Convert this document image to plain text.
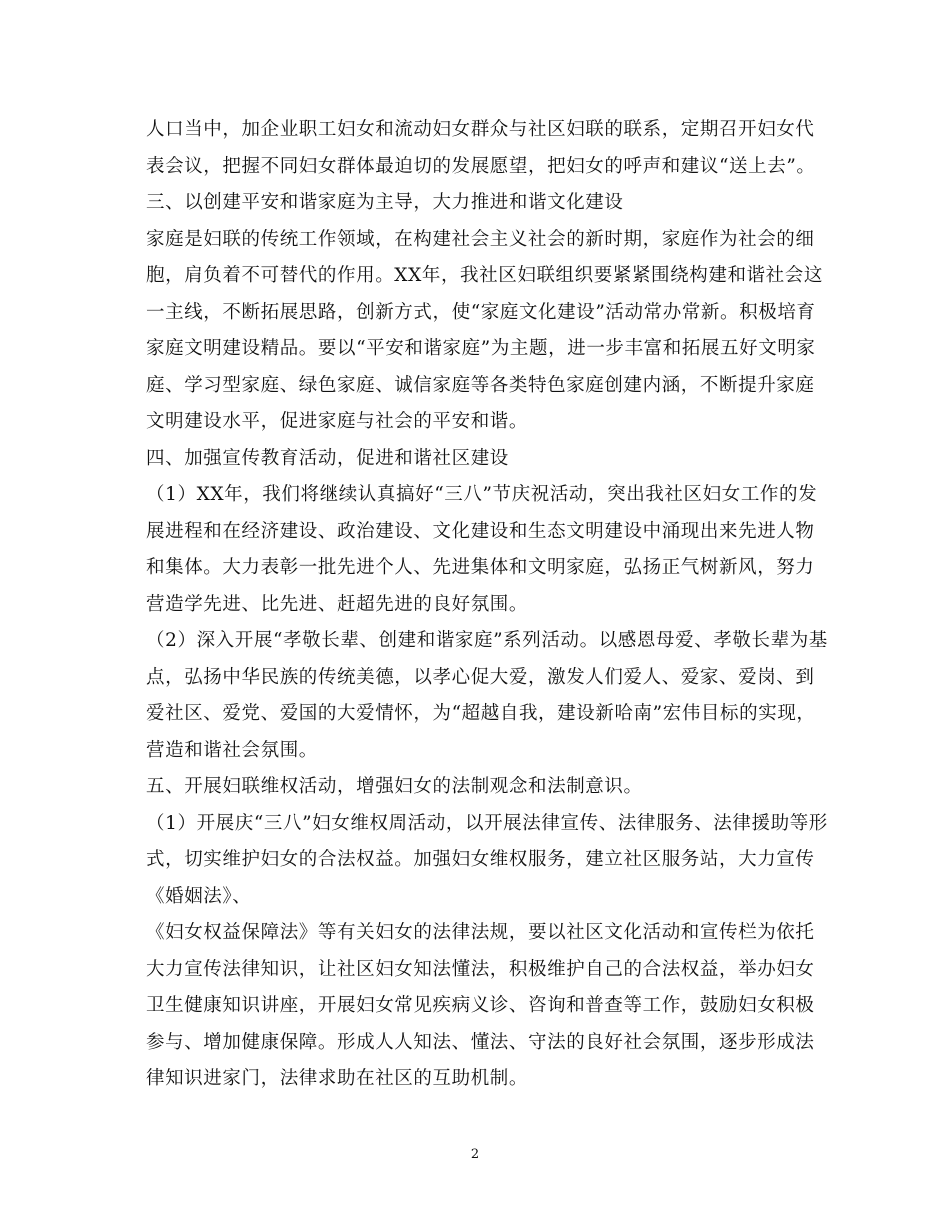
人口当中，加企业职工妇女和流动妇女群众与社区妇联的联系，定期召开妇女代
表会议，把握不同妇女群体最迫切的发展愿望，把妇女的呼声和建议“送上去”。
三、以创建平安和谐家庭为主导，大力推进和谐文化建设
家庭是妇联的传统工作领域，在构建社会主义社会的新时期，家庭作为社会的细
胞，肩负着不可替代的作用。XX年，我社区妇联组织要紧紧围绕构建和谐社会这
一主线，不断拓展思路，创新方式，使“家庭文化建设”活动常办常新。积极培育
家庭文明建设精品。要以“平安和谐家庭”为主题，进一步丰富和拓展五好文明家
庭、学习型家庭、绿色家庭、诚信家庭等各类特色家庭创建内涵，不断提升家庭
文明建设水平，促进家庭与社会的平安和谐。
四、加强宣传教育活动，促进和谐社区建设
（1）XX年，我们将继续认真搞好“三八”节庆祝活动，突出我社区妇女工作的发
展进程和在经济建设、政治建设、文化建设和生态文明建设中涌现出来先进人物
和集体。大力表彰一批先进个人、先进集体和文明家庭，弘扬正气树新风，努力
营造学先进、比先进、赶超先进的良好氛围。
（2）深入开展“孝敬长辈、创建和谐家庭”系列活动。以感恩母爱、孝敬长辈为基
点，弘扬中华民族的传统美德，以孝心促大爱，激发人们爱人、爱家、爱岗、到
爱社区、爱党、爱国的大爱情怀，为“超越自我，建设新哈南”宏伟目标的实现，
营造和谐社会氛围。
五、开展妇联维权活动，增强妇女的法制观念和法制意识。
（1）开展庆“三八”妇女维权周活动，以开展法律宣传、法律服务、法律援助等形
式，切实维护妇女的合法权益。加强妇女维权服务，建立社区服务站，大力宣传
《婚姻法》、
《妇女权益保障法》等有关妇女的法律法规，要以社区文化活动和宣传栏为依托
大力宣传法律知识，让社区妇女知法懂法，积极维护自己的合法权益，举办妇女
卫生健康知识讲座，开展妇女常见疾病义诊、咨询和普查等工作，鼓励妇女积极
参与、增加健康保障。形成人人知法、懂法、守法的良好社会氛围，逐步形成法
律知识进家门，法律求助在社区的互助机制。
2
